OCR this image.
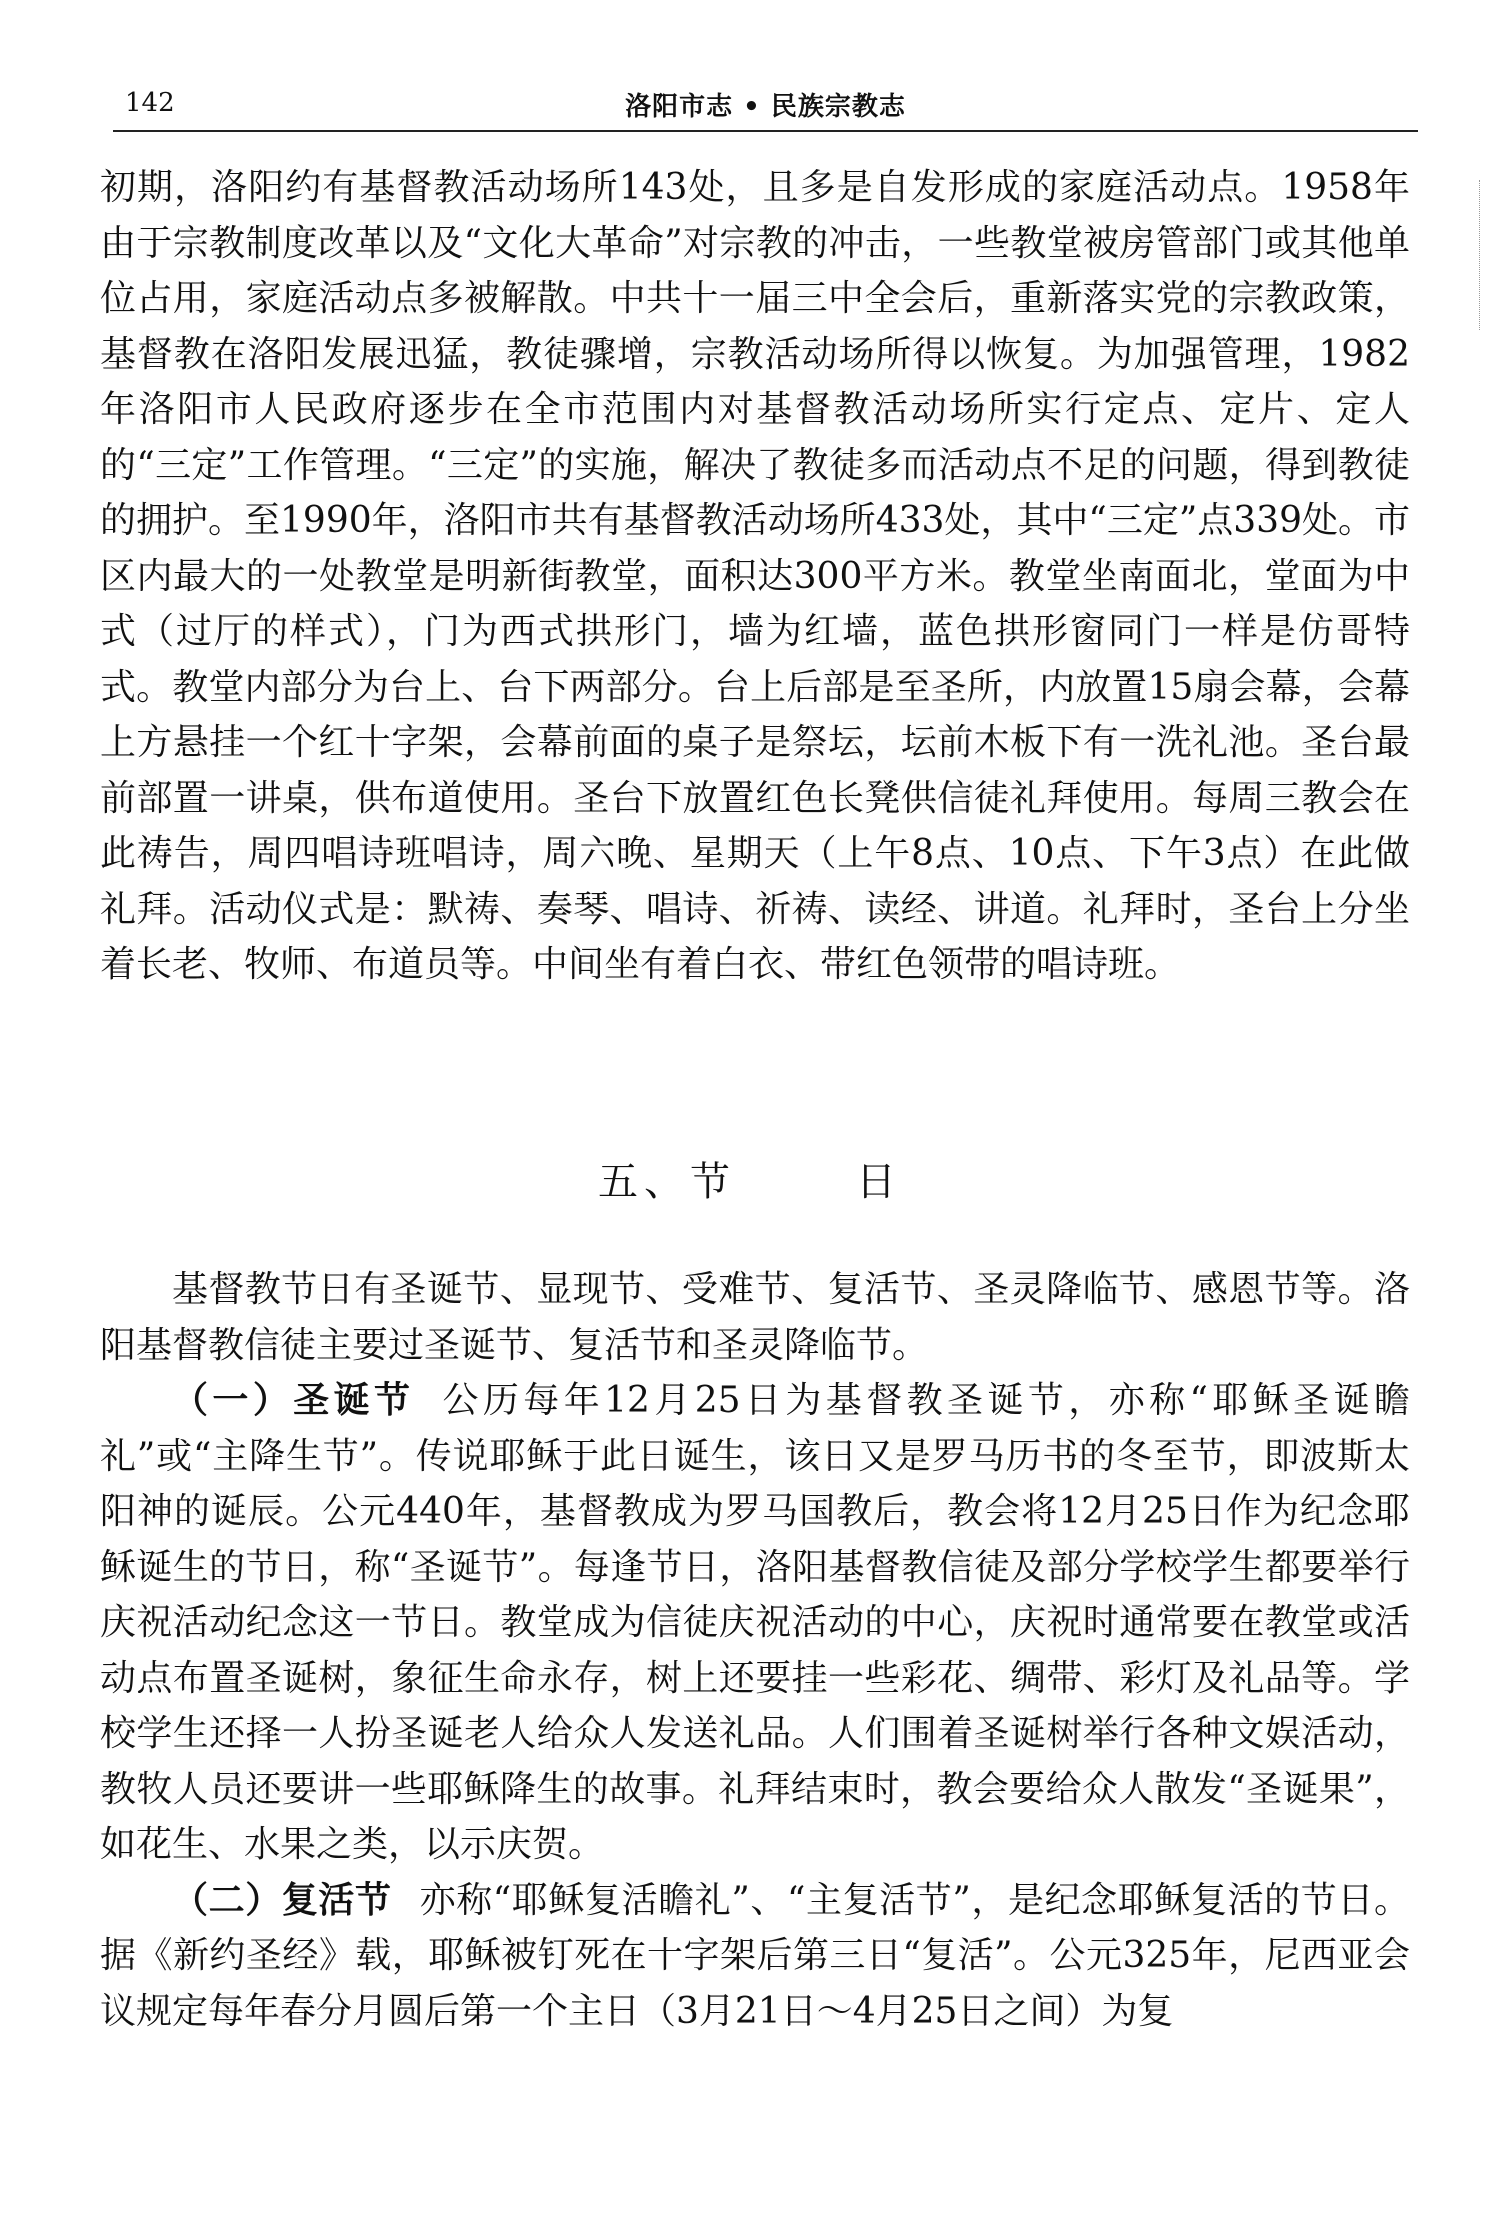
142	洛阳市志 • 民族宗教志

初期，洛阳约有基督教活动场所143处，且多是自发形成的家庭活动点。1958年由于宗教制度改革以及“文化大革命”对宗教的冲击，一些教堂被房管部门或其他单位占用，家庭活动点多被解散。中共十一届三中全会后，重新落实党的宗教政策，基督教在洛阳发展迅猛，教徒骤增，宗教活动场所得以恢复。为加强管理，1982年洛阳市人民政府逐步在全市范围内对基督教活动场所实行定点、定片、定人的“三定”工作管理。“三定”的实施，解决了教徒多而活动点不足的问题，得到教徒的拥护。至1990年，洛阳市共有基督教活动场所433处，其中“三定”点339处。市区内最大的一处教堂是明新街教堂，面积达300平方米。教堂坐南面北，堂面为中式（过厅的样式），门为西式拱形门，墙为红墙，蓝色拱形窗同门一样是仿哥特式。教堂内部分为台上、台下两部分。台上后部是至圣所，内放置15扇会幕，会幕上方悬挂一个红十字架，会幕前面的桌子是祭坛，坛前木板下有一洗礼池。圣台最前部置一讲桌，供布道使用。圣台下放置红色长凳供信徒礼拜使用。每周三教会在此祷告，周四唱诗班唱诗，周六晚、星期天（上午8点、10点、下午3点）在此做礼拜。活动仪式是：默祷、奏琴、唱诗、祈祷、读经、讲道。礼拜时，圣台上分坐着长老、牧师、布道员等。中间坐有着白衣、带红色领带的唱诗班。

五、节	日

基督教节日有圣诞节、显现节、受难节、复活节、圣灵降临节、感恩节等。洛阳基督教信徒主要过圣诞节、复活节和圣灵降临节。

（一）圣诞节 公历每年12月25日为基督教圣诞节，亦称“耶稣圣诞瞻礼”或“主降生节”。传说耶稣于此日诞生，该日又是罗马历书的冬至节，即波斯太阳神的诞辰。公元440年，基督教成为罗马国教后，教会将12月25日作为纪念耶稣诞生的节日，称“圣诞节”。每逢节日，洛阳基督教信徒及部分学校学生都要举行庆祝活动纪念这一节日。教堂成为信徒庆祝活动的中心，庆祝时通常要在教堂或活动点布置圣诞树，象征生命永存，树上还要挂一些彩花、绸带、彩灯及礼品等。学校学生还择一人扮圣诞老人给众人发送礼品。人们围着圣诞树举行各种文娱活动，教牧人员还要讲一些耶稣降生的故事。礼拜结束时，教会要给众人散发“圣诞果”，如花生、水果之类，以示庆贺。

（二）复活节 亦称“耶稣复活瞻礼”、“主复活节”，是纪念耶稣复活的节日。据《新约圣经》载，耶稣被钉死在十字架后第三日“复活”。公元325年，尼西亚会议规定每年春分月圆后第一个主日（3月21日～4月25日之间）为复
